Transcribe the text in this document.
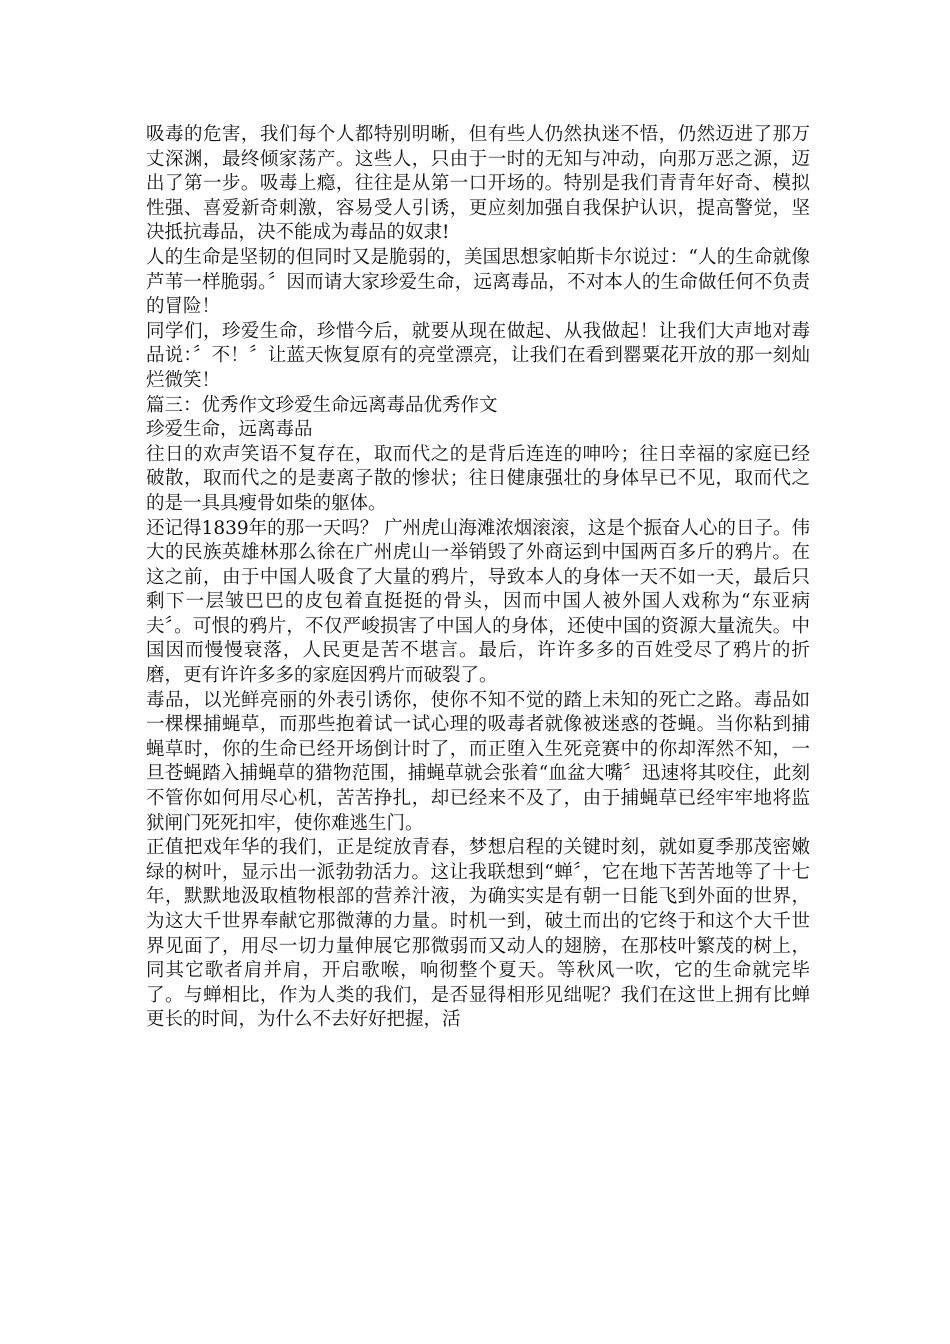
吸毒的危害，我们每个人都特别明晰，但有些人仍然执迷不悟，仍然迈进了那万丈深渊，最终倾家荡产。这些人，只由于一时的无知与冲动，向那万恶之源，迈出了第一步。吸毒上瘾，往往是从第一口开场的。特别是我们青青年好奇、模拟性强、喜爱新奇刺激，容易受人引诱，更应刻加强自我保护认识，提高警觉，坚决抵抗毒品，决不能成为毒品的奴隶!

人的生命是坚韧的但同时又是脆弱的，美国思想家帕斯卡尔说过：“人的生命就像芦苇一样脆弱。〞因而请大家珍爱生命，远离毒品，不对本人的生命做任何不负责的冒险！

同学们，珍爱生命，珍惜今后，就要从现在做起、从我做起！让我们大声地对毒品说：〞不！〞让蓝天恢复原有的亮堂漂亮，让我们在看到罂粟花开放的那一刻灿烂微笑！

篇三：优秀作文珍爱生命远离毒品优秀作文

珍爱生命，远离毒品

往日的欢声笑语不复存在，取而代之的是背后连连的呻吟；往日幸福的家庭已经破散，取而代之的是妻离子散的惨状；往日健康强壮的身体早已不见，取而代之的是一具具瘦骨如柴的躯体。

还记得1839年的那一天吗？ 广州虎山海滩浓烟滚滚，这是个振奋人心的日子。伟大的民族英雄林那么徐在广州虎山一举销毁了外商运到中国两百多斤的鸦片。在这之前，由于中国人吸食了大量的鸦片，导致本人的身体一天不如一天，最后只剩下一层皱巴巴的皮包着直挺挺的骨头，因而中国人被外国人戏称为“东亚病夫〞。可恨的鸦片，不仅严峻损害了中国人的身体，还使中国的资源大量流失。中国因而慢慢衰落，人民更是苦不堪言。最后，许许多多的百姓受尽了鸦片的折磨，更有许许多多的家庭因鸦片而破裂了。

毒品，以光鲜亮丽的外表引诱你，使你不知不觉的踏上未知的死亡之路。毒品如一棵棵捕蝇草，而那些抱着试一试心理的吸毒者就像被迷惑的苍蝇。当你粘到捕蝇草时，你的生命已经开场倒计时了，而正堕入生死竞赛中的你却浑然不知，一旦苍蝇踏入捕蝇草的猎物范围，捕蝇草就会张着“血盆大嘴〞迅速将其咬住，此刻不管你如何用尽心机，苦苦挣扎，却已经来不及了，由于捕蝇草已经牢牢地将监狱闸门死死扣牢，使你难逃生门。

正值把戏年华的我们，正是绽放青春，梦想启程的关键时刻，就如夏季那茂密嫩绿的树叶，显示出一派勃勃活力。这让我联想到“蝉〞，它在地下苦苦地等了十七年，默默地汲取植物根部的营养汁液，为确实实是有朝一日能飞到外面的世界，为这大千世界奉献它那微薄的力量。时机一到，破土而出的它终于和这个大千世界见面了，用尽一切力量伸展它那微弱而又动人的翅膀，在那枝叶繁茂的树上，同其它歌者肩并肩，开启歌喉，响彻整个夏天。等秋风一吹，它的生命就完毕了。与蝉相比，作为人类的我们，是否显得相形见绌呢？我们在这世上拥有比蝉更长的时间，为什么不去好好把握，活
